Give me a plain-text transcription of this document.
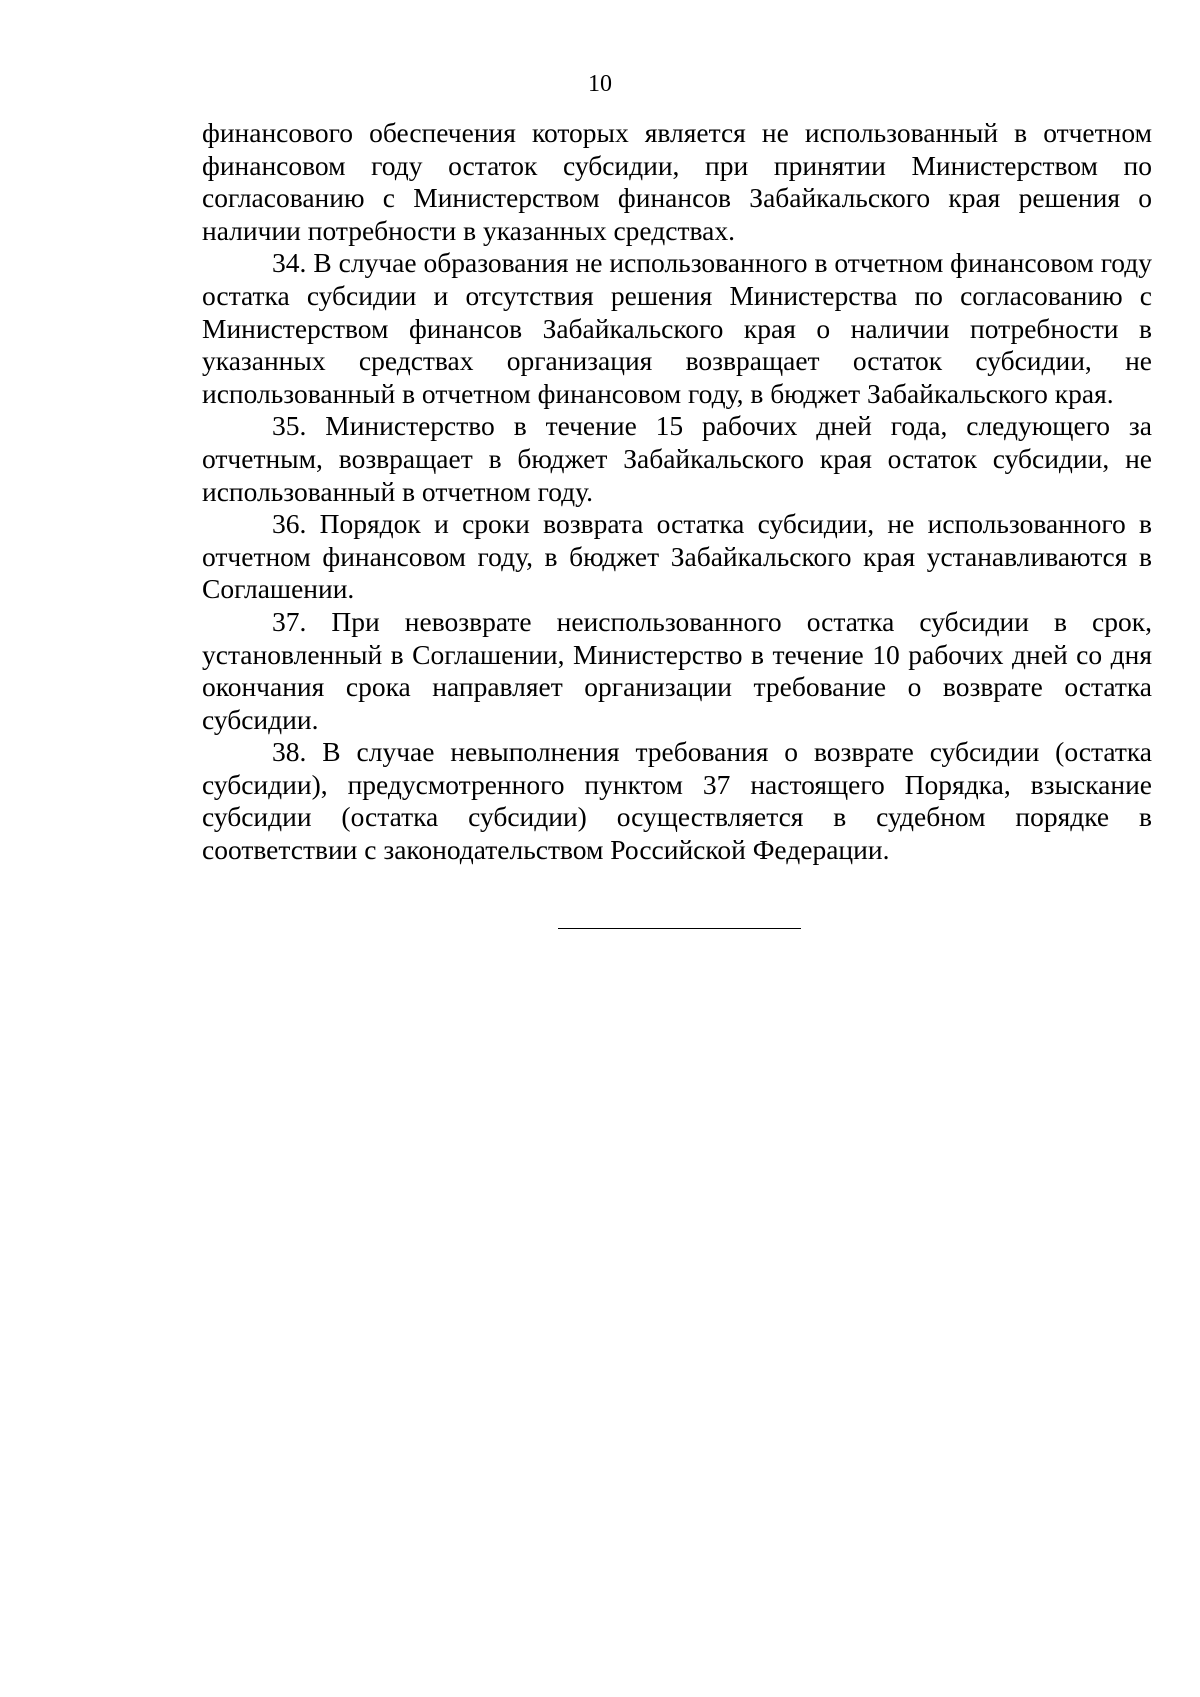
10

финансового обеспечения которых является не использованный в отчетном финансовом году остаток субсидии, при принятии Министерством по согласованию с Министерством финансов Забайкальского края решения о наличии потребности в указанных средствах.

34. В случае образования не использованного в отчетном финансовом году остатка субсидии и отсутствия решения Министерства по согласованию с Министерством финансов Забайкальского края о наличии потребности в указанных средствах организация возвращает остаток субсидии, не использованный в отчетном финансовом году, в бюджет Забайкальского края.

35. Министерство в течение 15 рабочих дней года, следующего за отчетным, возвращает в бюджет Забайкальского края остаток субсидии, не использованный в отчетном году.

36. Порядок и сроки возврата остатка субсидии, не использованного в отчетном финансовом году, в бюджет Забайкальского края устанавливаются в Соглашении.

37. При невозврате неиспользованного остатка субсидии в срок, установленный в Соглашении, Министерство в течение 10 рабочих дней со дня окончания срока направляет организации требование о возврате остатка субсидии.

38. В случае невыполнения требования о возврате субсидии (остатка субсидии), предусмотренного пунктом 37 настоящего Порядка, взыскание субсидии (остатка субсидии) осуществляется в судебном порядке в соответствии с законодательством Российской Федерации.
